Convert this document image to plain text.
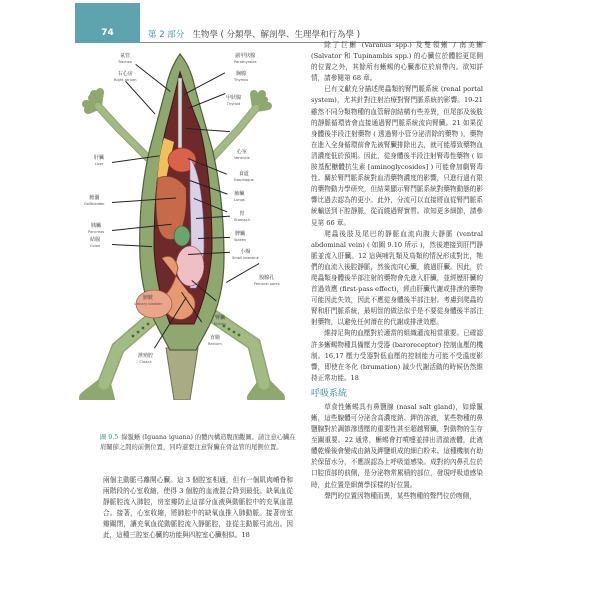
74	第 2 部分 生物學 ( 分類學、解剖學、生理學和行為學 )
氣管
Trachea
副甲狀腺
Parathyroids
右心房
Right atrium
胸腺
Thymus
甲狀腺
Thyroid
肝臟
Liver
心室
Ventricle
食道
Esophagus
肺臟
Lungs
膽囊
Gallbladder
胃
Stomach
胰臟
Pancreas	脾臟
Spleen
結腸
Colon
小腸
Small intestine
膀胱
Urinary bladder
股腺孔
Femoral pores
腎臟
Kidney
直腸
Rectum
泄殖腔
Cloaca
圖 9.5 綠鬣蜥 (Iguana iguana) 的體內構造腹面觀圖。請注意心臟在肩關節之間的前側位置，同時還要注意腎臟在骨盆管的尾側位置。

兩個主動脈弓離開心臟。這 3 個腔室相通，但有一個肌肉嵴脊和兩階段的心室收縮，使得 3 個腔的血液混合降到最低。缺氧血從靜脈腔流入肺腔，房室瓣防止這部分血液與動脈腔中的充氧血混合。接著，心室收縮，將肺腔中的缺氧血推入肺動脈。接著房室瓣關閉，讓充氧血從動脈腔流入靜脈腔，並從主動脈弓流出。因此，這種三腔室心臟的功能與四腔室心臟相似。18

除了巨蜥 (Varanus spp.) 及雙領蜥 / 南美蜥 (Salvator 和 Tupinambis spp.) 的心臟位於體腔更尾側的位置之外，其餘所有蜥蜴的心臟都位於肩帶內。欲知詳情，請參閱第 68 章。

已有文獻充分描述爬蟲類的腎門脈系統 (renal portal system)，尤其針對注射治療對腎門脈系統的影響。19-21 雖然不同分類物種的血管解剖結構有些差異，但尾部及後肢的靜脈循環皆會直接通過腎門脈系統流向腎臟。21 如果從身體後半段注射藥物 ( 透過腎小管分泌清除的藥物 )，藥物在進入全身循環前會先被腎臟排除出去，就可能導致藥物血清濃度低於預期。因此，從身體後半段注射腎毒性藥物 ( 如胺基配醣體抗生素 [aminoglycosides] ) 可能會加劇腎毒性。關於腎門脈系統對血清藥物濃度的影響，只進行過有限的藥物動力學研究，但結果顯示腎門脈系統對藥物動態的影響比過去認為的更小。此外，分流可以直接將血從腎門脈系統輸送到下腔靜脈，從而繞過腎實質。欲知更多細節，請參見第 66 章。

爬蟲後肢及尾巴的靜脈血流向腹大靜脈 (ventral abdominal vein) ( 如圖 9.10 所示 )，然後連接到肝門靜脈並流入肝臟。12 這與哺乳類及鳥類的情況形成對比，牠們的血流入後腔靜脈，然後流向心臟，繞過肝臟。因此，於爬蟲類身體後半部注射的藥物會先進入肝臟，並經歷肝臟的首過效應 (first-pass effect)，經由肝臟代謝或排泄的藥物可能因此失效，因此不應從身體後半部注射。考慮到爬蟲的腎和肝門脈系統，最明智的做法似乎是不要從身體後半部注射藥物，以避免任何潛在的代謝或排泄效應。

維持足夠的血壓對於適當的組織灌流相當重要。已確認許多蜥蜴物種具備壓力受器 (baroreceptor) 控制血壓的機制。16,17 壓力受器對低血壓的控制能力可能不受溫度影響，即使在冬化 (brumation) 減少代謝活動的時候仍然維持正常功能。18

呼吸系統

草食性蜥蜴具有鼻鹽腺 (nasal salt gland)，如綠鬣蜥，這些腺體可分泌含高濃度鈉、鉀的溶液，某些物種的鼻鹽腺對於調節滲透壓的重要性甚至超越腎臟，對動物的生存至關重要。22 通常，蜥蜴會打噴嚏並排出清澈液體，此液體乾燥後會變成由鈉及鉀鹽組成的細白粉末。這種機制有助於保留水分，不應誤認為上呼吸道感染。成對的內鼻孔位於口腔頂部的前側，是分泌物常累積的部位，發現呼吸道感染時，此位置是細菌學採樣的好位置。

聲門的位置因物種而異，某些物種的聲門位於吻側，
